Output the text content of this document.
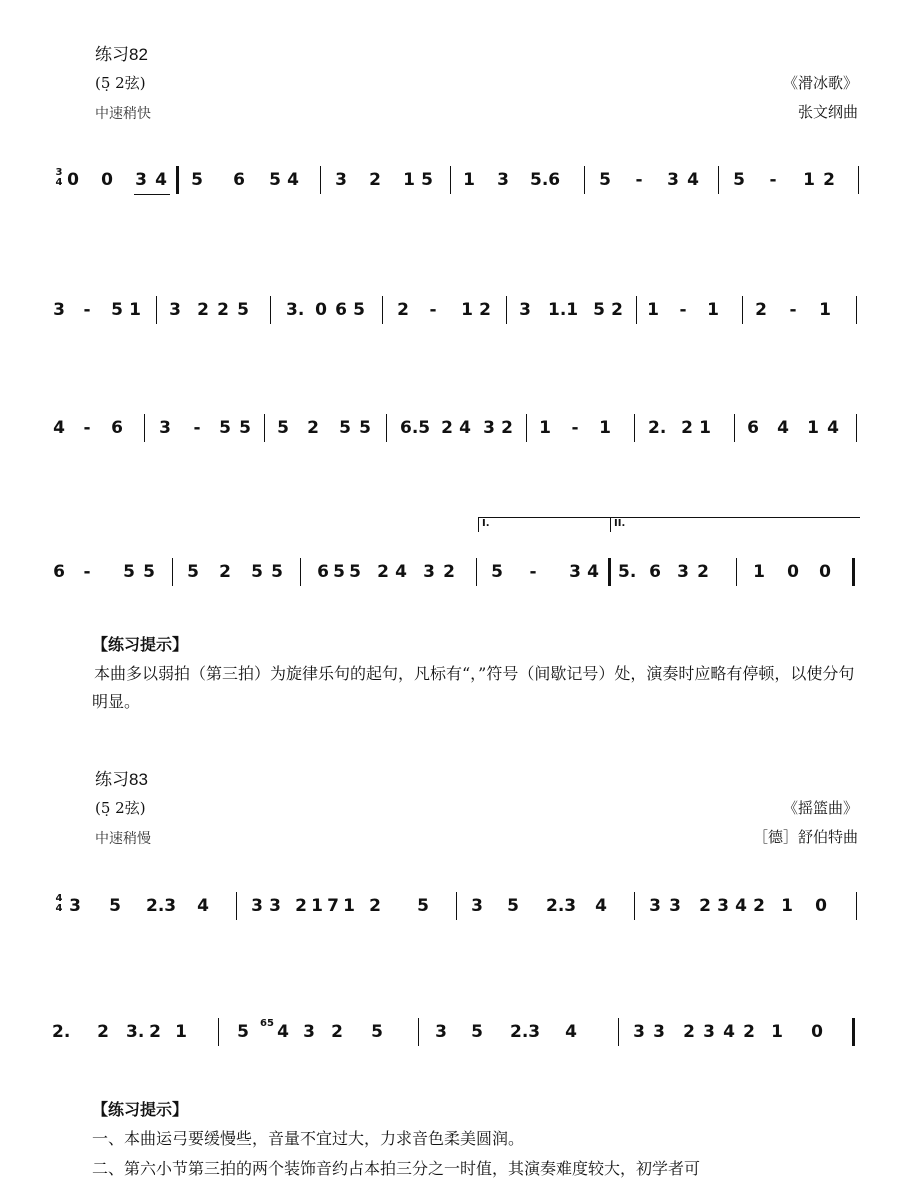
练习82
(5̣ 2弦)
中速稍快
《滑冰歌》
张文纲曲
3
4 0 0 3 4 5 6 5 4 3 2 1 5 1 3 5.6 5 - 3 4 5 - 1 2
3 - 5 1 3 2 2 5 3. 0 6 5 2 - 1 2 3 1.1 5 2 1 - 1 2 - 1
4 - 6 3 - 5 5 5 2 5 5 6.5 2 4 3 2 1 - 1 2. 2 1 6 4 1 4
I.	II.
6 - 5 5 5 2 5 5 6 5 5 2 4 3 2 5 - 3 4 5. 6 3 2	1 0 0
【练习提示】
本曲多以弱拍（第三拍）为旋律乐句的起句，凡标有“，”符号（间歇记号）处，演奏时应略有停顿，以使分句明显。
练习83
(5̣ 2弦)
中速稍慢
《摇篮曲》
［德］舒伯特曲
4
4 3 5 2.3 4 3 3 2 1 7 1 2 5 3 5 2.3 4 3 3 2 3 4 2 1 0
2. 2 3. 2 1	5 65 4 3 2 5	3 5 2.3 4	3 3 2 3 4 2 1 0
【练习提示】
一、本曲运弓要缓慢些，音量不宜过大，力求音色柔美圆润。
二、第六小节第三拍的两个装饰音约占本拍三分之一时值，其演奏难度较大，初学者可
